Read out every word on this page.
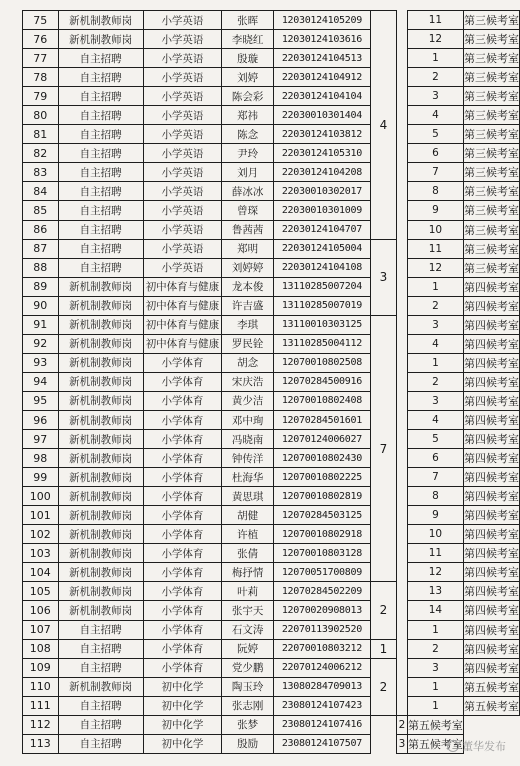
75	新机制教师岗	小学英语	张晖	12030124105209	4		11	第三候考室
76	新机制教师岗	小学英语	李晓红	12030124103616			12	第三候考室
77	自主招聘	小学英语	殷璇	22030124104513			1	第三候考室
78	自主招聘	小学英语	刘婷	22030124104912			2	第三候考室
79	自主招聘	小学英语	陈会彩	22030124104104			3	第三候考室
80	自主招聘	小学英语	郑祎	22030010301404			4	第三候考室
81	自主招聘	小学英语	陈念	22030124103812			5	第三候考室
82	自主招聘	小学英语	尹玲	22030124105310			6	第三候考室
83	自主招聘	小学英语	刘月	22030124104208			7	第三候考室
84	自主招聘	小学英语	薛冰冰	22030010302017			8	第三候考室
85	自主招聘	小学英语	曾琛	22030010301009			9	第三候考室
86	自主招聘	小学英语	鲁茜茜	22030124104707			10	第三候考室
87	自主招聘	小学英语	郑明	22030124105004	3		11	第三候考室
88	自主招聘	小学英语	刘婷婷	22030124104108			12	第三候考室
89	新机制教师岗	初中体育与健康	龙本俊	13110285007204			1	第四候考室
90	新机制教师岗	初中体育与健康	许吉盛	13110285007019			2	第四候考室
91	新机制教师岗	初中体育与健康	李琪	13110010303125	7		3	第四候考室
92	新机制教师岗	初中体育与健康	罗民铨	13110285004112			4	第四候考室
93	新机制教师岗	小学体育	胡念	12070010802508			1	第四候考室
94	新机制教师岗	小学体育	宋庆浩	12070284500916			2	第四候考室
95	新机制教师岗	小学体育	黄少洁	12070010802408			3	第四候考室
96	新机制教师岗	小学体育	邓中珣	12070284501601			4	第四候考室
97	新机制教师岗	小学体育	冯晓南	12070124006027			5	第四候考室
98	新机制教师岗	小学体育	钟传洋	12070010802430			6	第四候考室
99	新机制教师岗	小学体育	杜海华	12070010802225			7	第四候考室
100	新机制教师岗	小学体育	黄思琪	12070010802819			8	第四候考室
101	新机制教师岗	小学体育	胡健	12070284503125			9	第四候考室
102	新机制教师岗	小学体育	许植	12070010802918			10	第四候考室
103	新机制教师岗	小学体育	张倩	12070010803128			11	第四候考室
104	新机制教师岗	小学体育	梅抒情	12070051700809			12	第四候考室
105	新机制教师岗	小学体育	叶莉	12070284502209	2		13	第四候考室
106	新机制教师岗	小学体育	张宇天	12070020908013			14	第四候考室
107	自主招聘	小学体育	石文涛	22070113902520			1	第四候考室
108	自主招聘	小学体育	阮婷	22070010803212	1		2	第四候考室
109	自主招聘	小学体育	党少鹏	22070124006212	2		3	第四候考室
110	新机制教师岗	初中化学	陶玉玲	13080284709013			1	第五候考室
111	自主招聘	初中化学	张志刚	23080124107423			1	第五候考室
112	自主招聘	初中化学	张梦	23080124107416		2	第五候考室	
113	自主招聘	初中化学	殷励	23080124107507		3	第五候考室	董华发布
